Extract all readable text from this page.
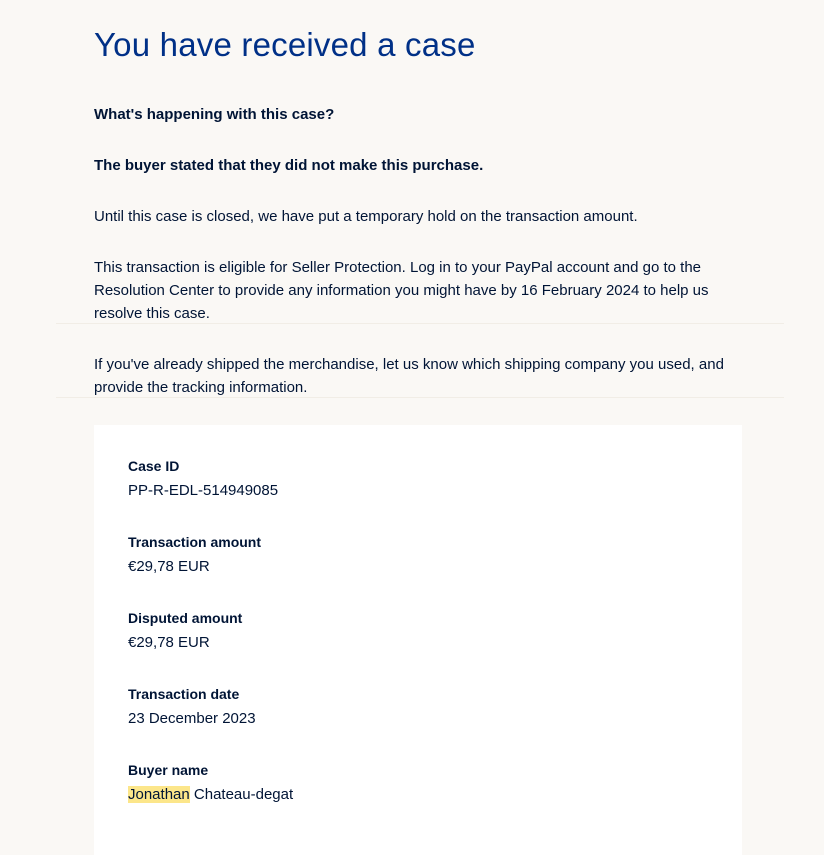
You have received a case

What's happening with this case?

The buyer stated that they did not make this purchase.

Until this case is closed, we have put a temporary hold on the transaction amount.

This transaction is eligible for Seller Protection. Log in to your PayPal account and go to the Resolution Center to provide any information you might have by 16 February 2024 to help us resolve this case.

If you've already shipped the merchandise, let us know which shipping company you used, and provide the tracking information.

Case ID
PP-R-EDL-514949085
Transaction amount
€29,78 EUR
Disputed amount
€29,78 EUR
Transaction date
23 December 2023
Buyer name
Jonathan Chateau-degat
